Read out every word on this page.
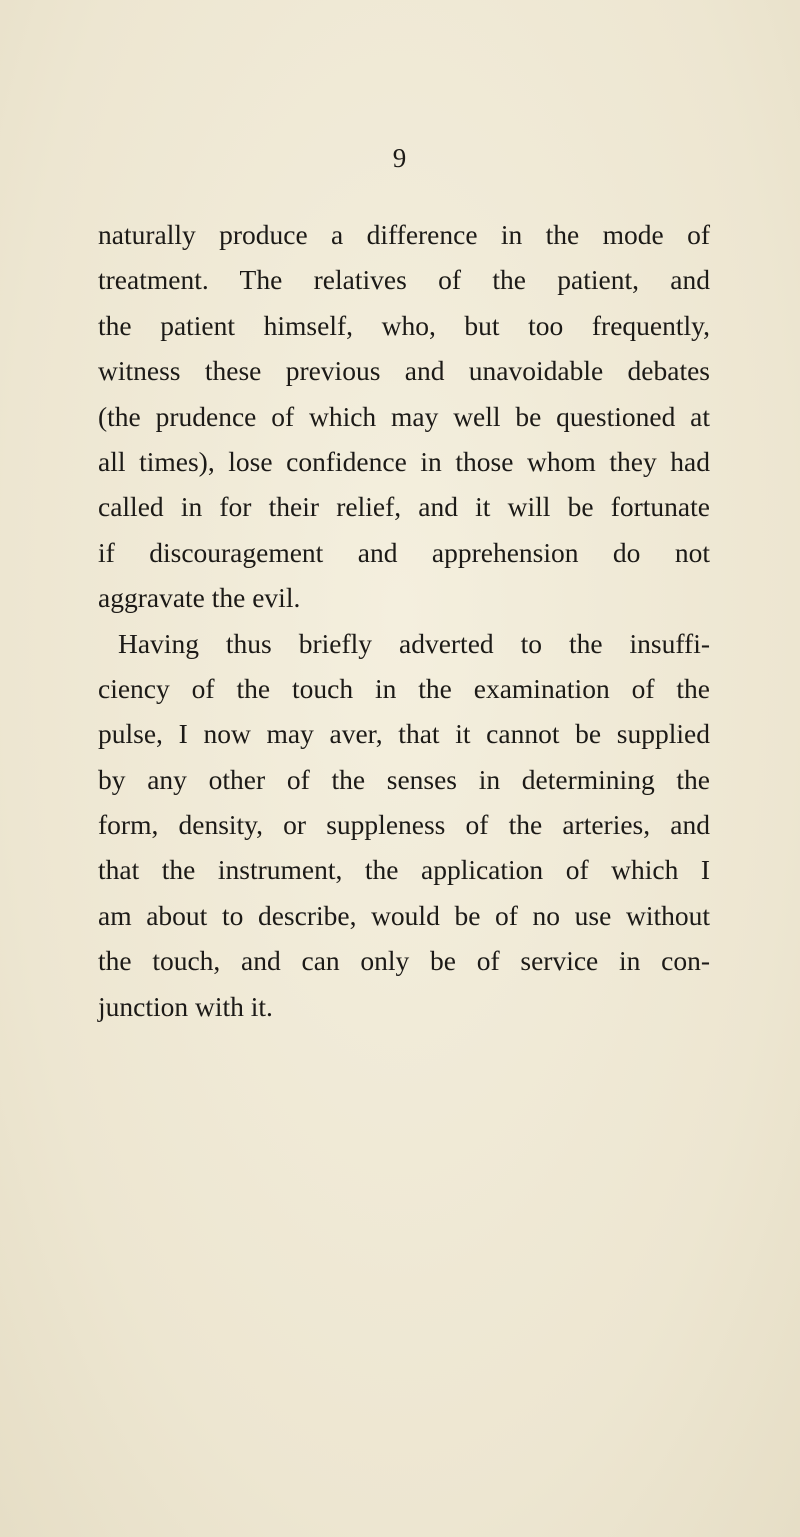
9
naturally produce a difference in the mode of
treatment. The relatives of the patient, and
the patient himself, who, but too frequently,
witness these previous and unavoidable debates
(the prudence of which may well be questioned at
all times), lose confidence in those whom they had
called in for their relief, and it will be fortunate
if discouragement and apprehension do not
aggravate the evil.
Having thus briefly adverted to the insuffi-
ciency of the touch in the examination of the
pulse, I now may aver, that it cannot be supplied
by any other of the senses in determining the
form, density, or suppleness of the arteries, and
that the instrument, the application of which I
am about to describe, would be of no use without
the touch, and can only be of service in con-
junction with it.
